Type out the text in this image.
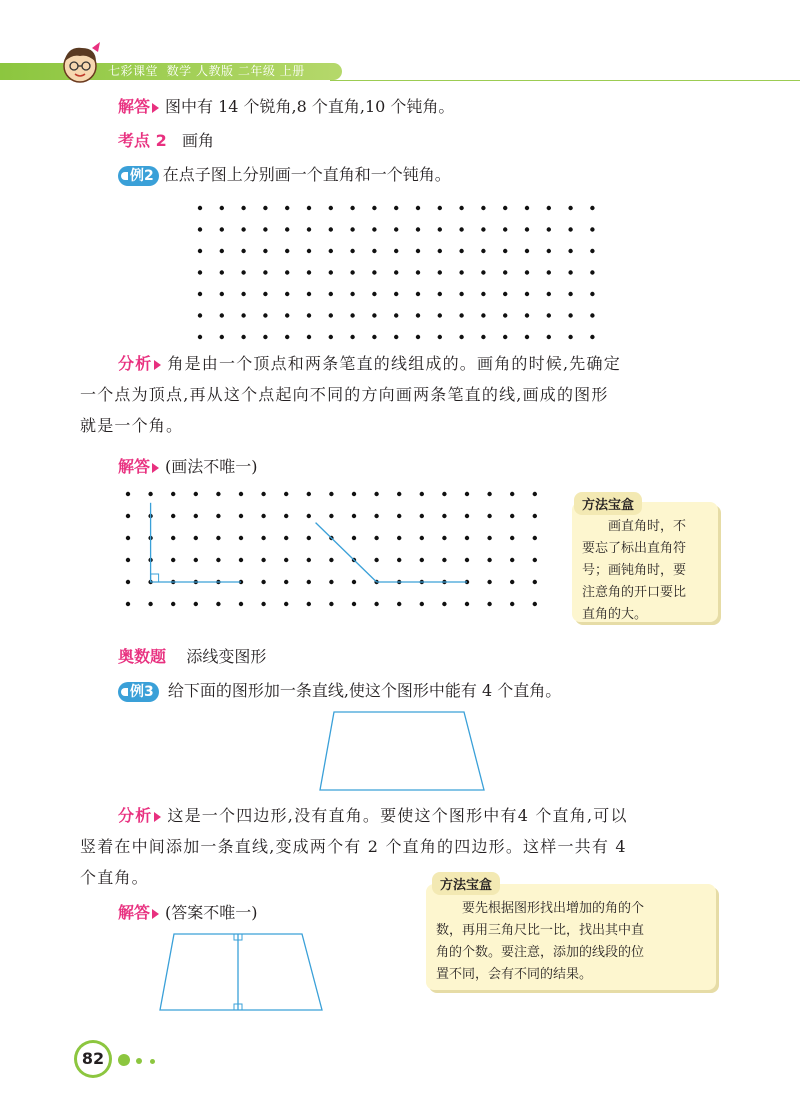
七彩课堂 数学 人教版 二年级 上册
解答 图中有 14 个锐角,8 个直角,10 个钝角。
考点 2 画角
例2 在点子图上分别画一个直角和一个钝角。
分析 角是由一个顶点和两条笔直的线组成的。画角的时候,先确定
一个点为顶点,再从这个点起向不同的方向画两条笔直的线,画成的图形
就是一个角。
解答 (画法不唯一)
画直角时，不
要忘了标出直角符
号；画钝角时，要
注意角的开口要比
直角的大。
方法宝盒
奥数题 添线变图形
例3 给下面的图形加一条直线,使这个图形中能有 4 个直角。
分析 这是一个四边形,没有直角。要使这个图形中有4 个直角,可以
竖着在中间添加一条直线,变成两个有 2 个直角的四边形。这样一共有 4
个直角。
解答 (答案不唯一)	要先根据图形找出增加的角的个
数，再用三角尺比一比，找出其中直
角的个数。要注意，添加的线段的位
置不同，会有不同的结果。
方法宝盒
82
